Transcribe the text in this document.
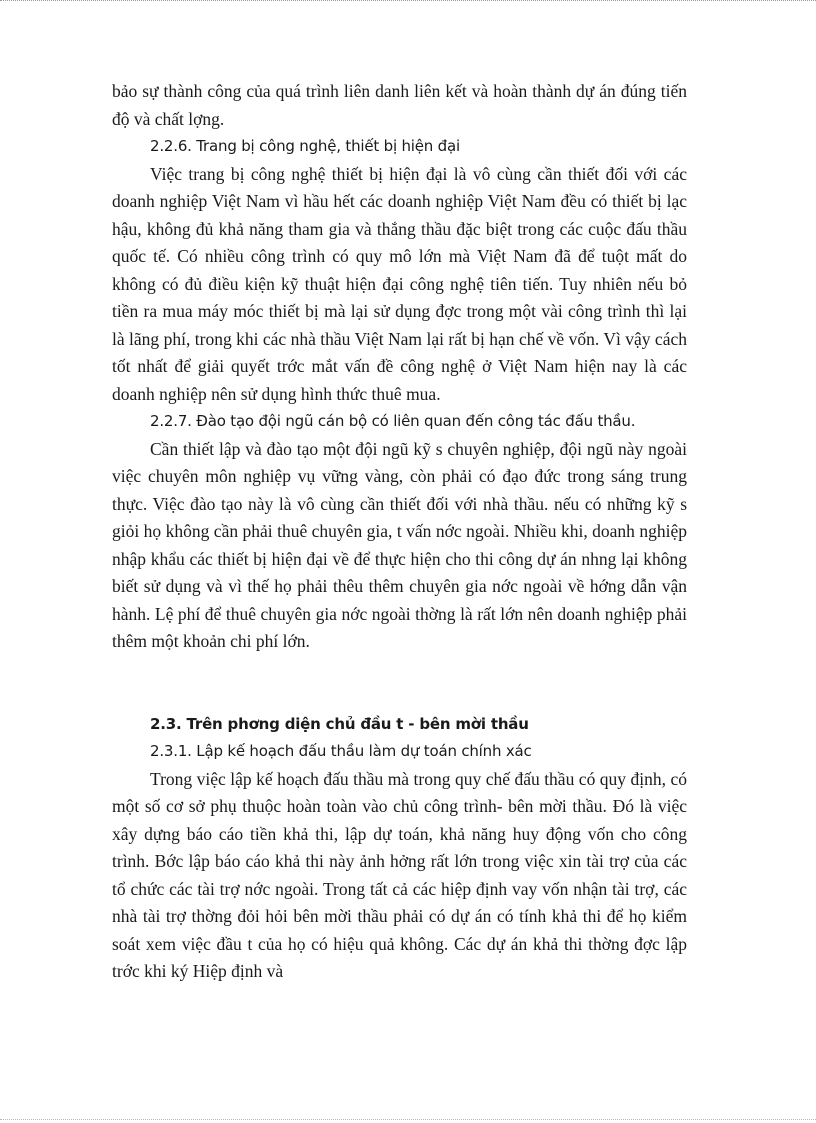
bảo sự thành công của quá trình liên danh liên kết và hoàn thành dự án đúng tiến độ và chất lợng.

2.2.6. Trang bị công nghệ, thiết bị hiện đại

Việc trang bị công nghệ thiết bị hiện đại là vô cùng cần thiết đối với các doanh nghiệp Việt Nam vì hầu hết các doanh nghiệp Việt Nam đều có thiết bị lạc hậu, không đủ khả năng tham gia và thắng thầu đặc biệt trong các cuộc đấu thầu quốc tế. Có nhiều công trình có quy mô lớn mà Việt Nam đã để tuột mất do không có đủ điều kiện kỹ thuật hiện đại công nghệ tiên tiến. Tuy nhiên nếu bỏ tiền ra mua máy móc thiết bị mà lại sử dụng đợc trong một vài công trình thì lại là lãng phí, trong khi các nhà thầu Việt Nam lại rất bị hạn chế về vốn. Vì vậy cách tốt nhất để giải quyết trớc mắt vấn đề công nghệ ở Việt Nam hiện nay là các doanh nghiệp nên sử dụng hình thức thuê mua.

2.2.7. Đào tạo đội ngũ cán bộ có liên quan đến công tác đấu thầu.

Cần thiết lập và đào tạo một đội ngũ kỹ s chuyên nghiệp, đội ngũ này ngoài việc chuyên môn nghiệp vụ vững vàng, còn phải có đạo đức trong sáng trung thực. Việc đào tạo này là vô cùng cần thiết đối với nhà thầu. nếu có những kỹ s giỏi họ không cần phải thuê chuyên gia, t vấn nớc ngoài. Nhiều khi, doanh nghiệp nhập khẩu các thiết bị hiện đại về để thực hiện cho thi công dự án nhng lại không biết sử dụng và vì thế họ phải thêu thêm chuyên gia nớc ngoài về hớng dẫn vận hành. Lệ phí để thuê chuyên gia nớc ngoài thờng là rất lớn nên doanh nghiệp phải thêm một khoản chi phí lớn.

2.3. Trên phơng diện chủ đầu t - bên mời thầu

2.3.1. Lập kế hoạch đấu thầu làm dự toán chính xác

Trong việc lập kế hoạch đấu thầu mà trong quy chế đấu thầu có quy định, có một số cơ sở phụ thuộc hoàn toàn vào chủ công trình- bên mời thầu. Đó là việc xây dựng báo cáo tiền khả thi, lập dự toán, khả năng huy động vốn cho công trình. Bớc lập báo cáo khả thi này ảnh hởng rất lớn trong việc xin tài trợ của các tổ chức các tài trợ nớc ngoài. Trong tất cả các hiệp định vay vốn nhận tài trợ, các nhà tài trợ thờng đỏi hỏi bên mời thầu phải có dự án có tính khả thi để họ kiểm soát xem việc đầu t của họ có hiệu quả không. Các dự án khả thi thờng đợc lập trớc khi ký Hiệp định và
